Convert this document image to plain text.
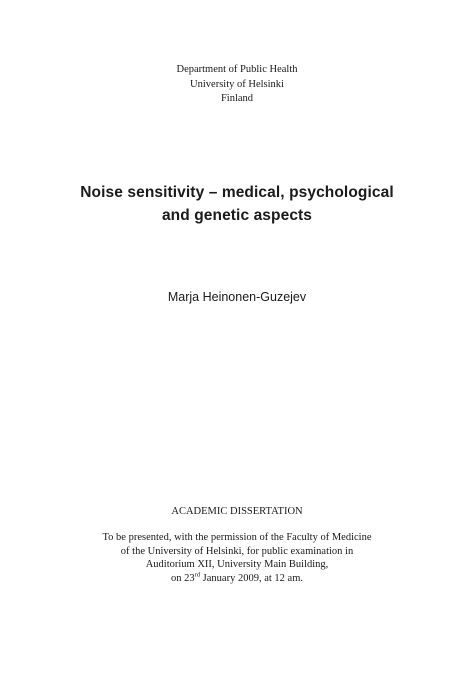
Department of Public Health
University of Helsinki
Finland
Noise sensitivity – medical, psychological
and genetic aspects
Marja Heinonen-Guzejev
ACADEMIC DISSERTATION
To be presented, with the permission of the Faculty of Medicine
of the University of Helsinki, for public examination in
Auditorium XII, University Main Building,
on 23rd January 2009, at 12 am.
